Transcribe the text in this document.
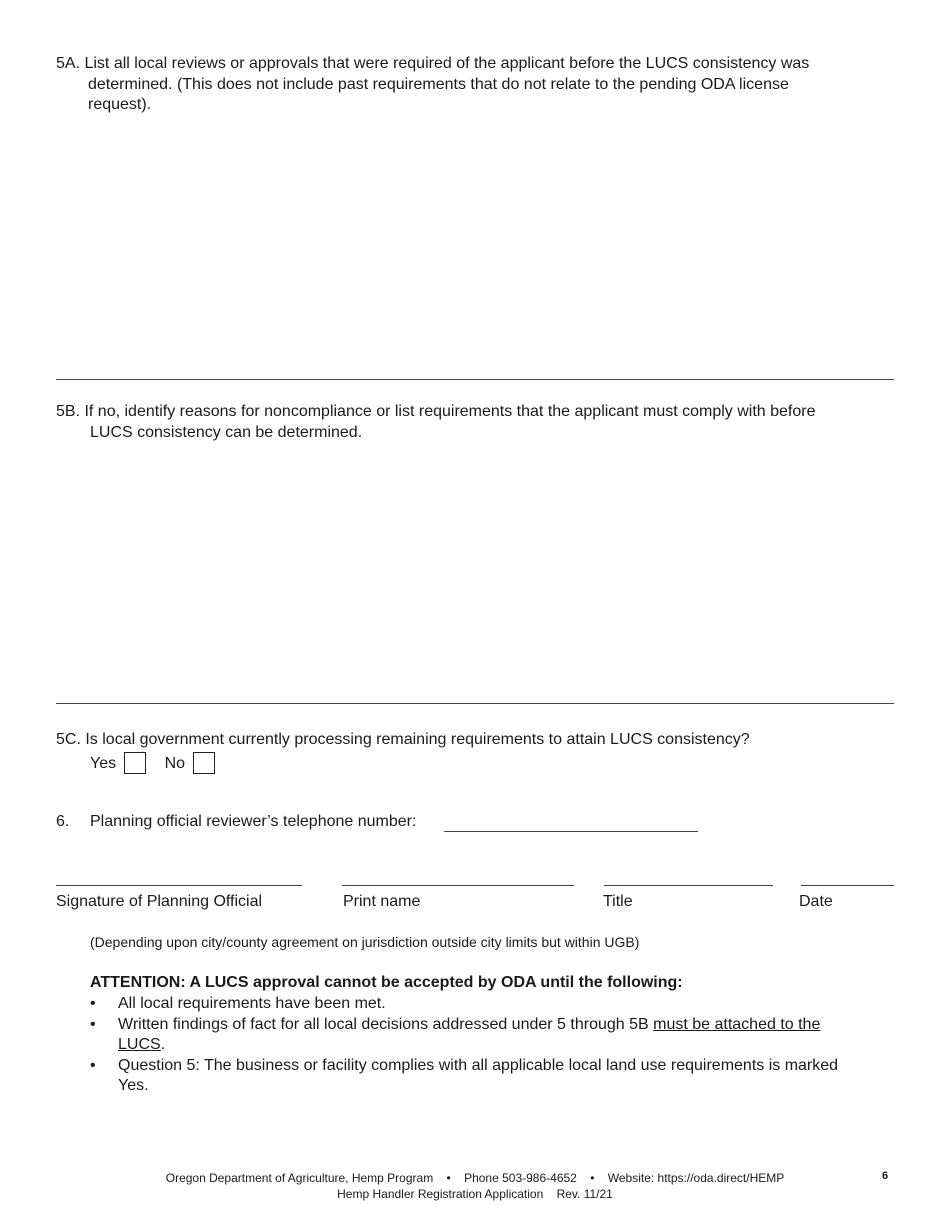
5A. List all local reviews or approvals that were required of the applicant before the LUCS consistency was
determined. (This does not include past requirements that do not relate to the pending ODA license
request).
5B. If no, identify reasons for noncompliance or list requirements that the applicant must comply with before
LUCS consistency can be determined.
5C. Is local government currently processing remaining requirements to attain LUCS consistency?
Yes	No
6. Planning official reviewer’s telephone number:
Signature of Planning Official	Print name	Title	Date
(Depending upon city/county agreement on jurisdiction outside city limits but within UGB)
ATTENTION: A LUCS approval cannot be accepted by ODA until the following:
• All local requirements have been met.
• Written findings of fact for all local decisions addressed under 5 through 5B must be attached to the
LUCS.
• Question 5: The business or facility complies with all applicable local land use requirements is marked
Yes.
Oregon Department of Agriculture, Hemp Program • Phone 503-986-4652 • Website: https://oda.direct/HEMP
Hemp Handler Registration Application    Rev. 11/21
6
